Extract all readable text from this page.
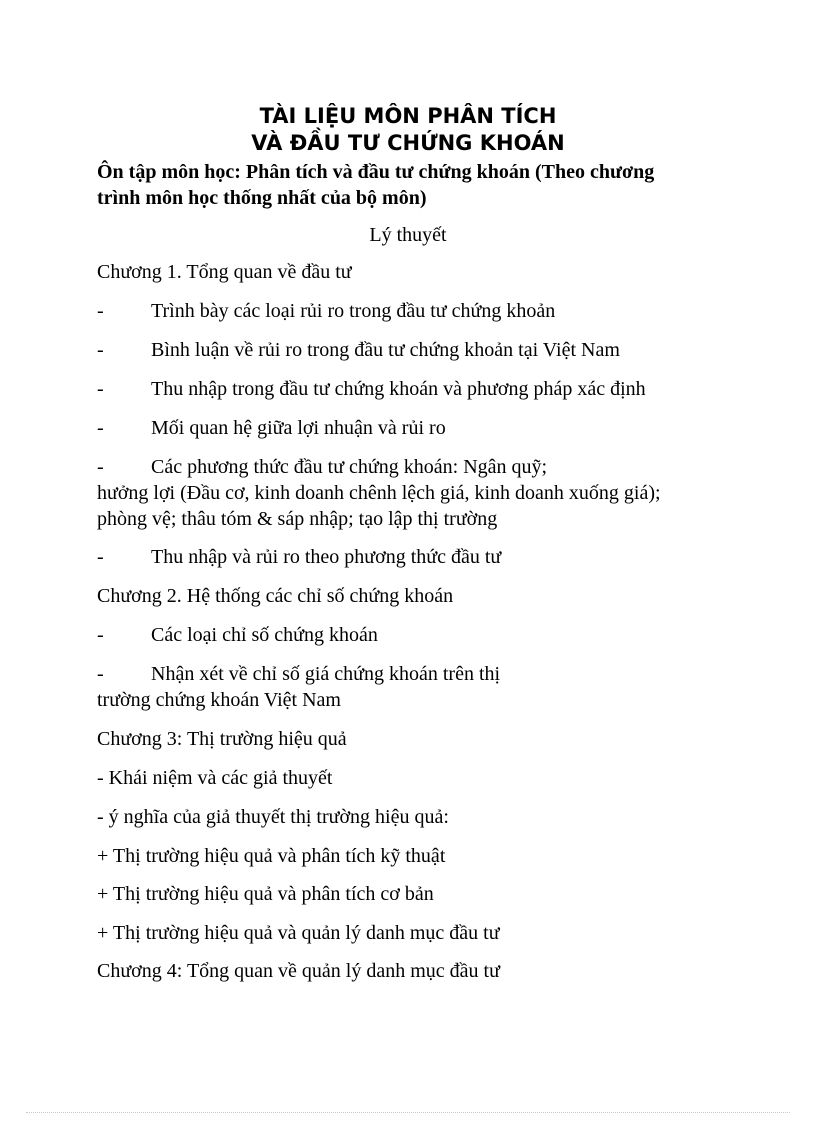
TÀI LIỆU MÔN PHÂN TÍCH
VÀ ĐẦU TƯ CHỨNG KHOÁN
Ôn tập môn học: Phân tích và đầu tư chứng khoán (Theo chương
trình môn học thống nhất của bộ môn)
Lý thuyết
Chương 1. Tổng quan về đầu tư
- Trình bày các loại rủi ro trong đầu tư chứng khoản
- Bình luận về rủi ro trong đầu tư chứng khoản tại Việt Nam
- Thu nhập trong đầu tư chứng khoán và phương pháp xác định
- Mối quan hệ giữa lợi nhuận và rủi ro
- Các phương thức đầu tư chứng khoán: Ngân quỹ;
hưởng lợi (Đầu cơ, kinh doanh chênh lệch giá, kinh doanh xuống giá);
phòng vệ; thâu tóm & sáp nhập; tạo lập thị trường
- Thu nhập và rủi ro theo phương thức đầu tư
Chương 2. Hệ thống các chỉ số chứng khoán
- Các loại chỉ số chứng khoán
- Nhận xét về chỉ số giá chứng khoán trên thị
trường chứng khoán Việt Nam
Chương 3: Thị trường hiệu quả
- Khái niệm và các giả thuyết
- ý nghĩa của giả thuyết thị trường hiệu quả:
+ Thị trường hiệu quả và phân tích kỹ thuật
+ Thị trường hiệu quả và phân tích cơ bản
+ Thị trường hiệu quả và quản lý danh mục đầu tư
Chương 4: Tổng quan về quản lý danh mục đầu tư
